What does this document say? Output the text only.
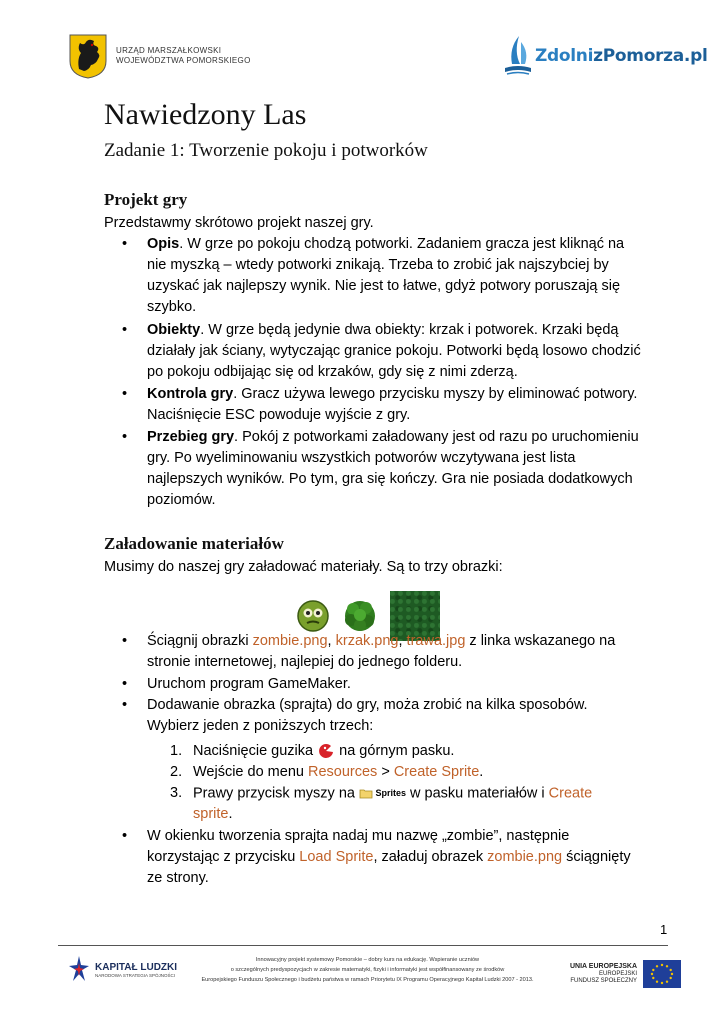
URZĄD MARSZAŁKOWSKI
WOJEWÓDZTWA POMORSKIEGO	ZdolnizPomorza.pl
Nawiedzony Las
Zadanie 1: Tworzenie pokoju i potworków
Projekt gry
Przedstawmy skrótowo projekt naszej gry.
• Opis. W grze po pokoju chodzą potworki. Zadaniem gracza jest kliknąć na nie myszką – wtedy potworki znikają. Trzeba to zrobić jak najszybciej by uzyskać jak najlepszy wynik. Nie jest to łatwe, gdyż potwory poruszają się szybko.
• Obiekty. W grze będą jedynie dwa obiekty: krzak i potworek. Krzaki będą działały jak ściany, wytyczając granice pokoju. Potworki będą losowo chodzić po pokoju odbijając się od krzaków, gdy się z nimi zderzą.
• Kontrola gry. Gracz używa lewego przycisku myszy by eliminować potwory. Naciśnięcie ESC powoduje wyjście z gry.
• Przebieg gry. Pokój z potworkami załadowany jest od razu po uruchomieniu gry. Po wyeliminowaniu wszystkich potworów wczytywana jest lista najlepszych wyników. Po tym, gra się kończy. Gra nie posiada dodatkowych poziomów.
Załadowanie materiałów
Musimy do naszej gry załadować materiały. Są to trzy obrazki:
• Ściągnij obrazki zombie.png, krzak.png, trawa.jpg z linka wskazanego na stronie internetowej, najlepiej do jednego folderu.
• Uruchom program GameMaker.
• Dodawanie obrazka (sprajta) do gry, moża zrobić na kilka sposobów. Wybierz jeden z poniższych trzech:
1. Naciśnięcie guzika  na górnym pasku.
2. Wejście do menu Resources > Create Sprite.
3. Prawy przycisk myszy na  Sprites w pasku materiałów i Create sprite.
• W okienku tworzenia sprajta nadaj mu nazwę „zombie”, następnie korzystając z przycisku Load Sprite, załaduj obrazek zombie.png ściągnięty ze strony.
1
KAPITAŁ LUDZKI
NARODOWA STRATEGIA SPÓJNOŚCI
Innowacyjny projekt systemowy Pomorskie – dobry kurs na edukację. Wspieranie uczniów
o szczególnych predyspozycjach w zakresie matematyki, fizyki i informatyki jest współfinansowany ze środków
Europejskiego Funduszu Społecznego i budżetu państwa w ramach Priorytetu IX Programu Operacyjnego Kapitał Ludzki 2007 - 2013.
UNIA EUROPEJSKA
EUROPEJSKI
FUNDUSZ SPOŁECZNY
